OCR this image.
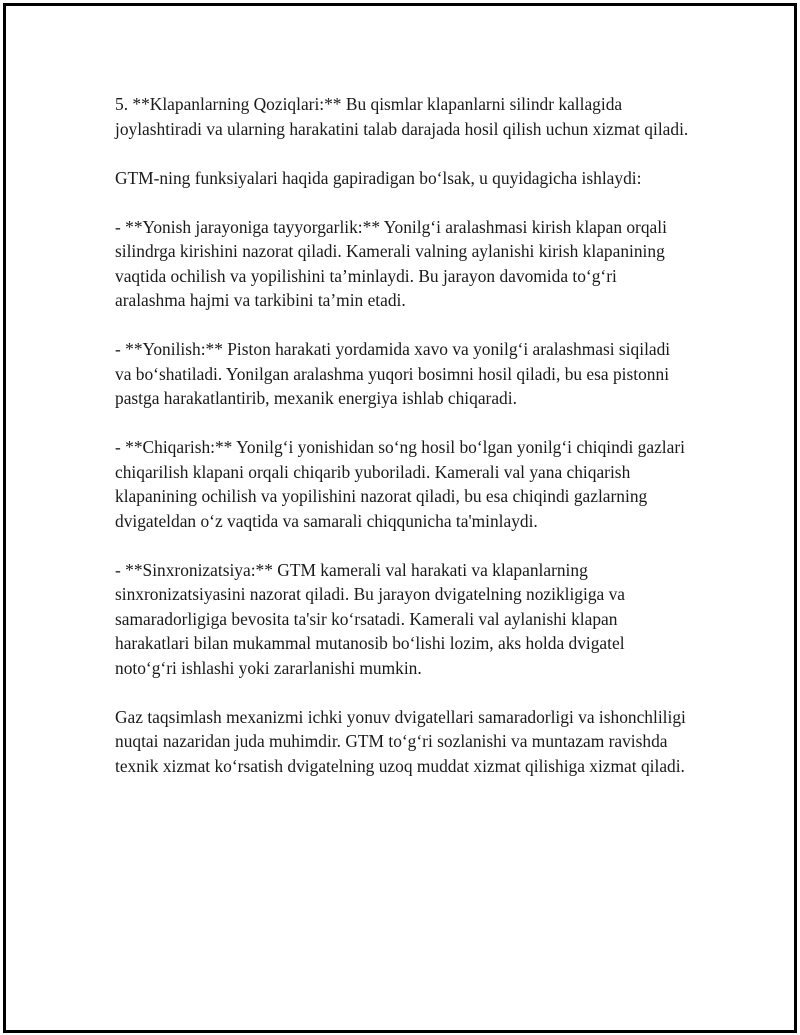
5. **Klapanlarning Qoziqlari:** Bu qismlar klapanlarni silindr kallagida joylashtiradi va ularning harakatini talab darajada hosil qilish uchun xizmat qiladi.

GTM-ning funksiyalari haqida gapiradigan bo‘lsak, u quyidagicha ishlaydi:

- **Yonish jarayoniga tayyorgarlik:** Yonilg‘i aralashmasi kirish klapan orqali silindrga kirishini nazorat qiladi. Kamerali valning aylanishi kirish klapanining vaqtida ochilish va yopilishini ta’minlaydi. Bu jarayon davomida to‘g‘ri aralashma hajmi va tarkibini ta’min etadi.

- **Yonilish:** Piston harakati yordamida xavo va yonilg‘i aralashmasi siqiladi va bo‘shatiladi. Yonilgan aralashma yuqori bosimni hosil qiladi, bu esa pistonni pastga harakatlantirib, mexanik energiya ishlab chiqaradi.

- **Chiqarish:** Yonilg‘i yonishidan so‘ng hosil bo‘lgan yonilg‘i chiqindi gazlari chiqarilish klapani orqali chiqarib yuboriladi. Kamerali val yana chiqarish klapanining ochilish va yopilishini nazorat qiladi, bu esa chiqindi gazlarning dvigateldan o‘z vaqtida va samarali chiqqunicha ta'minlaydi.

- **Sinxronizatsiya:** GTM kamerali val harakati va klapanlarning sinxronizatsiyasini nazorat qiladi. Bu jarayon dvigatelning nozikligiga va samaradorligiga bevosita ta'sir ko‘rsatadi. Kamerali val aylanishi klapan harakatlari bilan mukammal mutanosib bo‘lishi lozim, aks holda dvigatel noto‘g‘ri ishlashi yoki zararlanishi mumkin.

Gaz taqsimlash mexanizmi ichki yonuv dvigatellari samaradorligi va ishonchliligi nuqtai nazaridan juda muhimdir. GTM to‘g‘ri sozlanishi va muntazam ravishda texnik xizmat ko‘rsatish dvigatelning uzoq muddat xizmat qilishiga xizmat qiladi.
